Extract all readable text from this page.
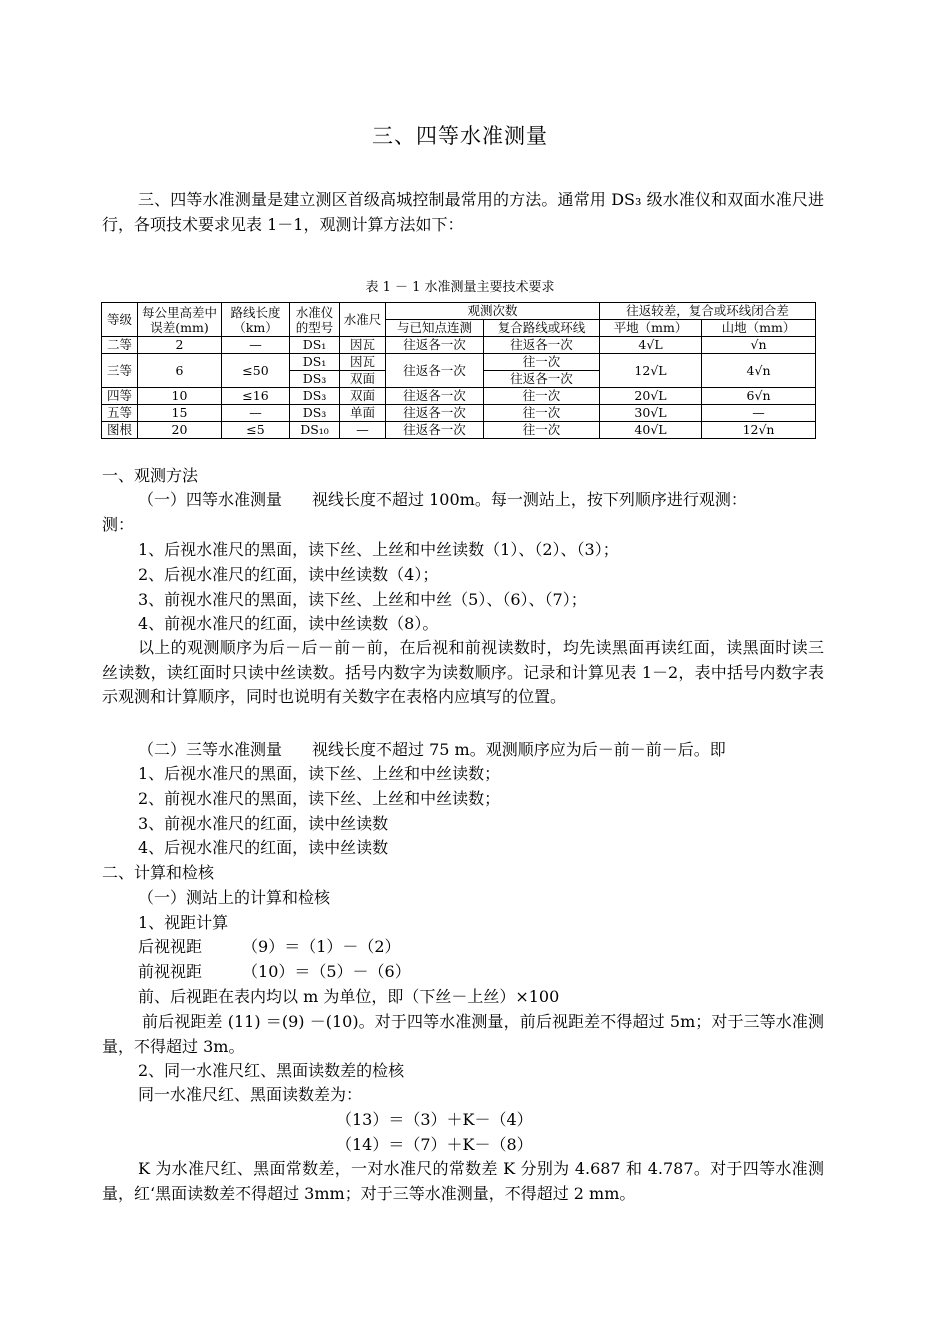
三、四等水准测量
三、四等水准测量是建立测区首级高城控制最常用的方法。通常用 DS₃ 级水准仪和双面水准尺进行，各项技术要求见表 1－1，观测计算方法如下：
表 1 － 1 水准测量主要技术要求
等级	每公里高差中误差(mm)	路线长度（km）	水准仪的型号	水准尺	观测次数		往返较差，复合或环线闭合差	
					与已知点连测	复合路线或环线	平地（mm）	山地（mm）
二等	2	—	DS₁	因瓦	往返各一次	往返各一次	4√L	√n
三等	6	≤50	DS₁	因瓦	往返各一次	往一次	12√L	4√n
			DS₃	双面		往返各一次		
四等	10	≤16	DS₃	双面	往返各一次	往一次	20√L	6√n
五等	15	—	DS₃	单面	往返各一次	往一次	30√L	—
图根	20	≤5	DS₁₀	—	往返各一次	往一次	40√L	12√n
一、观测方法
（一）四等水准测量 视线长度不超过 100m。每一测站上，按下列顺序进行观测：
测：
1、后视水准尺的黑面，读下丝、上丝和中丝读数（1）、（2）、（3）；
2、后视水准尺的红面，读中丝读数（4）；
3、前视水准尺的黑面，读下丝、上丝和中丝（5）、（6）、（7）；
4、前视水准尺的红面，读中丝读数（8）。
以上的观测顺序为后－后－前－前，在后视和前视读数时，均先读黑面再读红面，读黑面时读三丝读数，读红面时只读中丝读数。括号内数字为读数顺序。记录和计算见表 1－2，表中括号内数字表示观测和计算顺序，同时也说明有关数字在表格内应填写的位置。
（二）三等水准测量 视线长度不超过 75 m。观测顺序应为后－前－前－后。即
1、后视水准尺的黑面，读下丝、上丝和中丝读数；
2、前视水准尺的黑面，读下丝、上丝和中丝读数；
3、前视水准尺的红面，读中丝读数
4、后视水准尺的红面，读中丝读数
二、计算和检核
（一）测站上的计算和检核
1、视距计算
后视视距	（9）＝（1）－（2）
前视视距	（10）＝（5）－（6）
前、后视距在表内均以 m 为单位，即（下丝－上丝）×100
前后视距差 (11) ＝(9) －(10)。对于四等水准测量，前后视距差不得超过 5m；对于三等水准测量，不得超过 3m。
2、同一水准尺红、黑面读数差的检核
同一水准尺红、黑面读数差为：
（13）＝（3）＋K－（4）
（14）＝（7）＋K－（8）
K 为水准尺红、黑面常数差，一对水准尺的常数差 K 分别为 4.687 和 4.787。对于四等水准测量，红‘黑面读数差不得超过 3mm；对于三等水准测量，不得超过 2 mm。
